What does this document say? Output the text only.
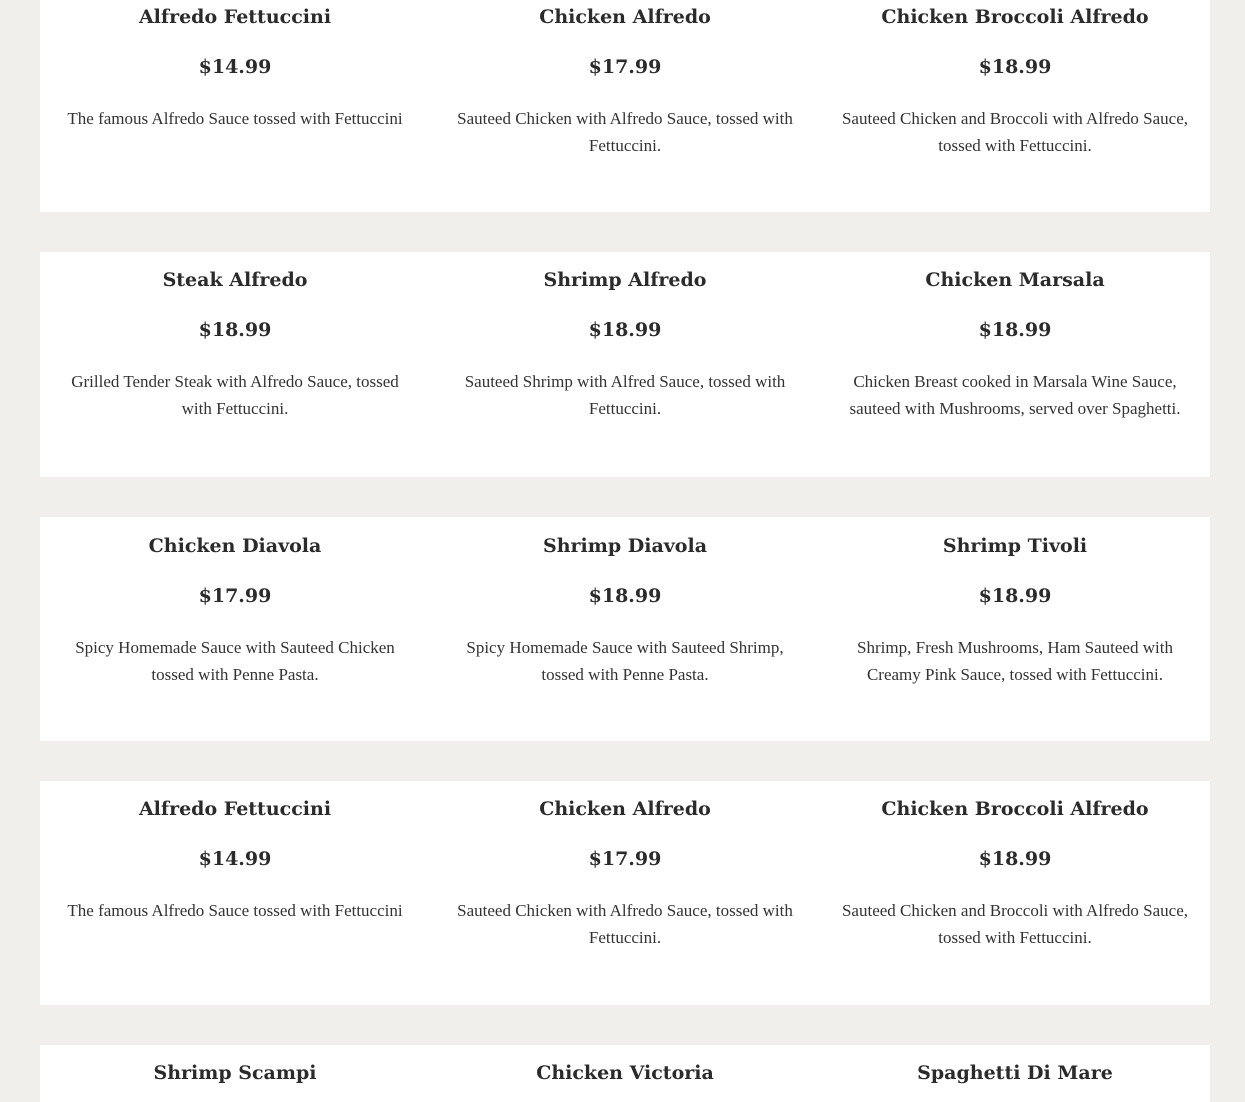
Alfredo Fettuccini
$14.99
The famous Alfredo Sauce tossed with Fettuccini
Chicken Alfredo
$17.99
Sauteed Chicken with Alfredo Sauce, tossed with Fettuccini.
Chicken Broccoli Alfredo
$18.99
Sauteed Chicken and Broccoli with Alfredo Sauce, tossed with Fettuccini.
Steak Alfredo
$18.99
Grilled Tender Steak with Alfredo Sauce, tossed with Fettuccini.
Shrimp Alfredo
$18.99
Sauteed Shrimp with Alfred Sauce, tossed with Fettuccini.
Chicken Marsala
$18.99
Chicken Breast cooked in Marsala Wine Sauce, sauteed with Mushrooms, served over Spaghetti.
Chicken Diavola
$17.99
Spicy Homemade Sauce with Sauteed Chicken tossed with Penne Pasta.
Shrimp Diavola
$18.99
Spicy Homemade Sauce with Sauteed Shrimp, tossed with Penne Pasta.
Shrimp Tivoli
$18.99
Shrimp, Fresh Mushrooms, Ham Sauteed with Creamy Pink Sauce, tossed with Fettuccini.
Alfredo Fettuccini
$14.99
The famous Alfredo Sauce tossed with Fettuccini
Chicken Alfredo
$17.99
Sauteed Chicken with Alfredo Sauce, tossed with Fettuccini.
Chicken Broccoli Alfredo
$18.99
Sauteed Chicken and Broccoli with Alfredo Sauce, tossed with Fettuccini.
Shrimp Scampi	Chicken Victoria	Spaghetti Di Mare
